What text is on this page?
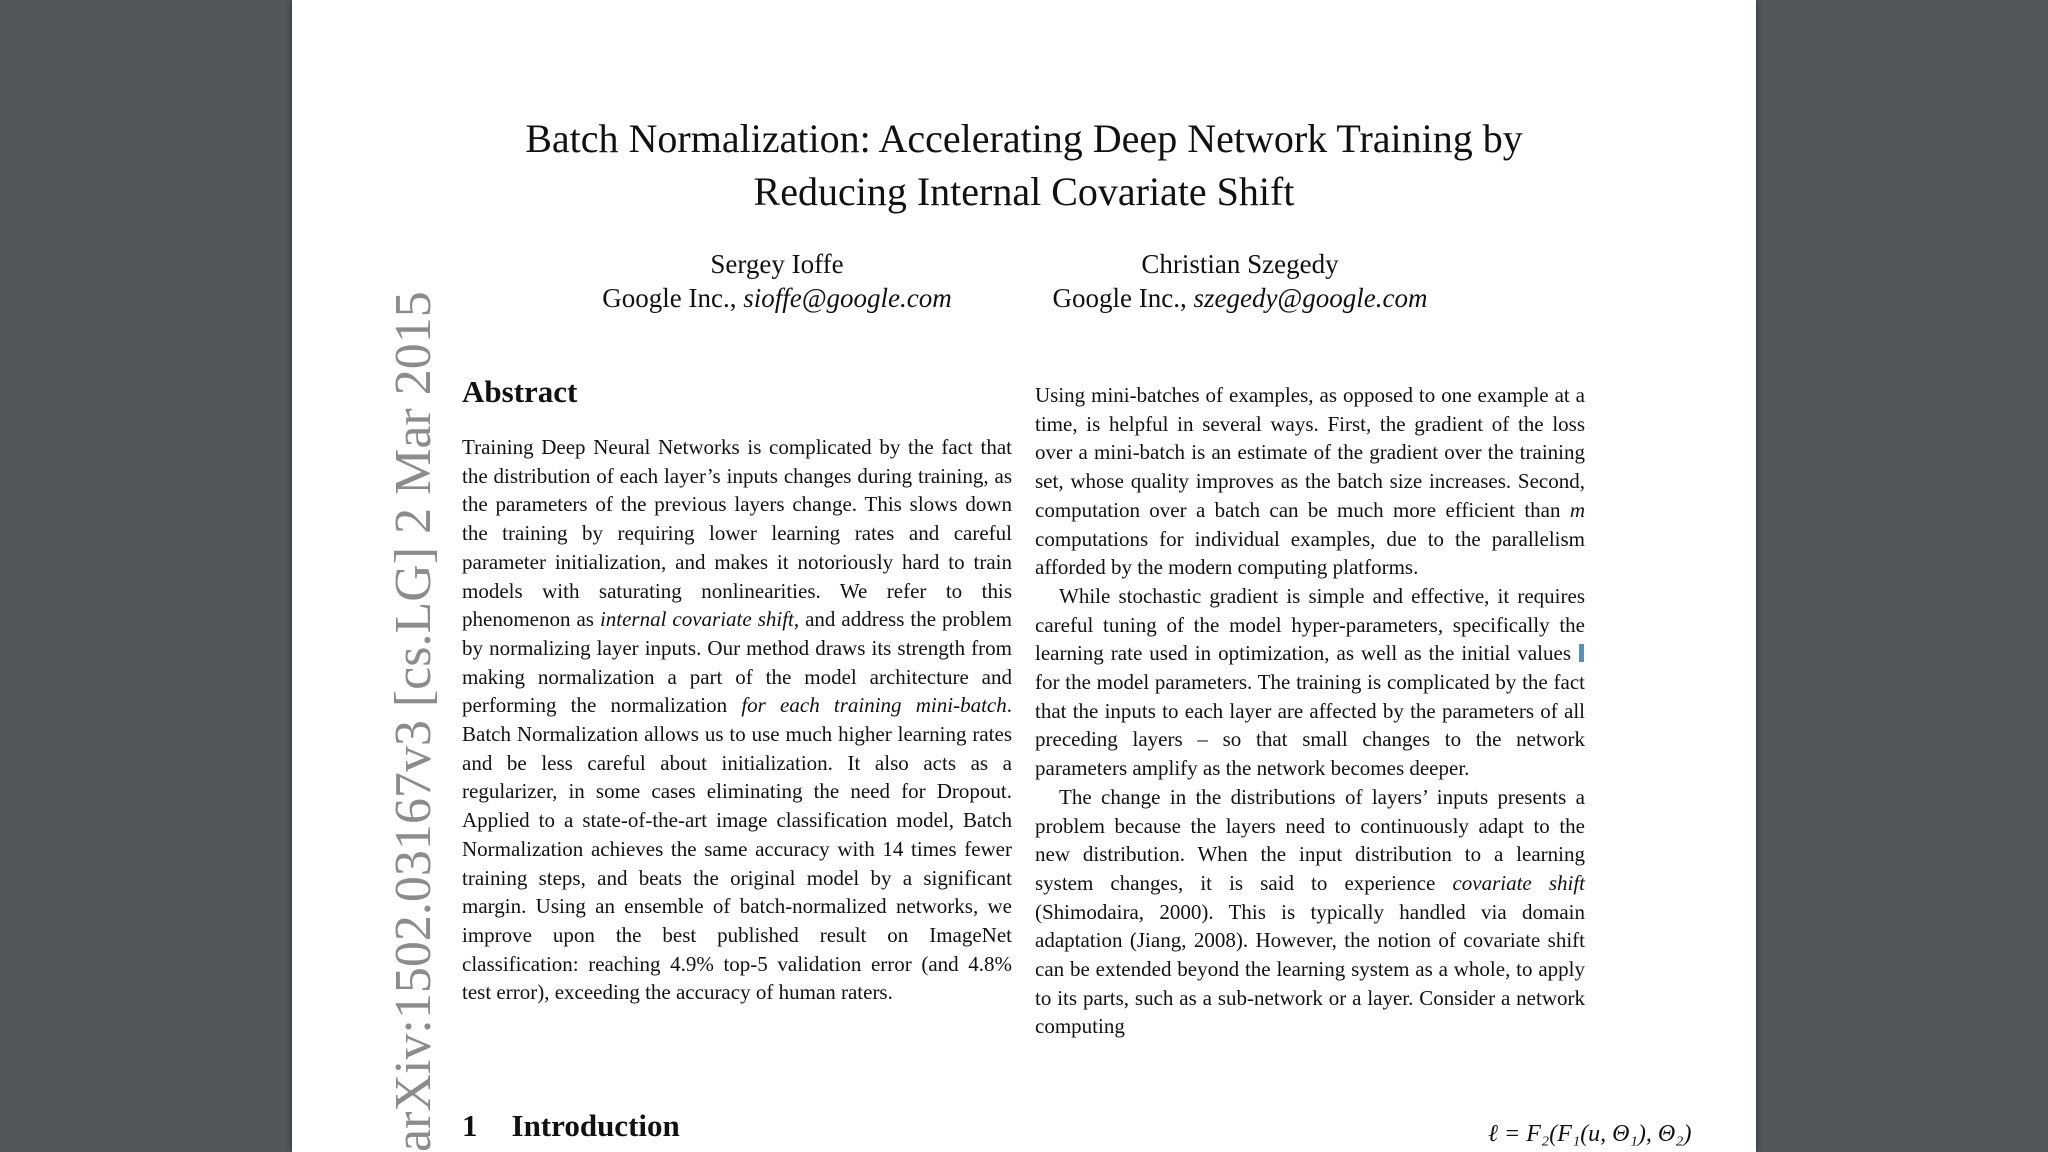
arXiv:1502.03167v3 [cs.LG] 2 Mar 2015
Batch Normalization: Accelerating Deep Network Training by
Reducing Internal Covariate Shift
Sergey Ioffe
Google Inc., sioffe@google.com
Christian Szegedy
Google Inc., szegedy@google.com
Abstract

Training Deep Neural Networks is complicated by the fact that the distribution of each layer’s inputs changes during training, as the parameters of the previous layers change. This slows down the training by requiring lower learning rates and careful parameter initialization, and makes it notoriously hard to train models with saturating nonlinearities. We refer to this phenomenon as internal covariate shift, and address the problem by normalizing layer inputs. Our method draws its strength from making normalization a part of the model architecture and performing the normalization for each training mini-batch. Batch Normalization allows us to use much higher learning rates and be less careful about initialization. It also acts as a regularizer, in some cases eliminating the need for Dropout. Applied to a state-of-the-art image classification model, Batch Normalization achieves the same accuracy with 14 times fewer training steps, and beats the original model by a significant margin. Using an ensemble of batch-normalized networks, we improve upon the best published result on ImageNet classification: reaching 4.9% top-5 validation error (and 4.8% test error), exceeding the accuracy of human raters.

1 Introduction

Using mini-batches of examples, as opposed to one example at a time, is helpful in several ways. First, the gradient of the loss over a mini-batch is an estimate of the gradient over the training set, whose quality improves as the batch size increases. Second, computation over a batch can be much more efficient than m computations for individual examples, due to the parallelism afforded by the modern computing platforms.

While stochastic gradient is simple and effective, it requires careful tuning of the model hyper-parameters, specifically the learning rate used in optimization, as well as the initial values for the model parameters. The training is complicated by the fact that the inputs to each layer are affected by the parameters of all preceding layers – so that small changes to the network parameters amplify as the network becomes deeper.

The change in the distributions of layers’ inputs presents a problem because the layers need to continuously adapt to the new distribution. When the input distribution to a learning system changes, it is said to experience covariate shift (Shimodaira, 2000). This is typically handled via domain adaptation (Jiang, 2008). However, the notion of covariate shift can be extended beyond the learning system as a whole, to apply to its parts, such as a sub-network or a layer. Consider a network computing

ℓ = F₂(F₁(u, Θ₁), Θ₂)
